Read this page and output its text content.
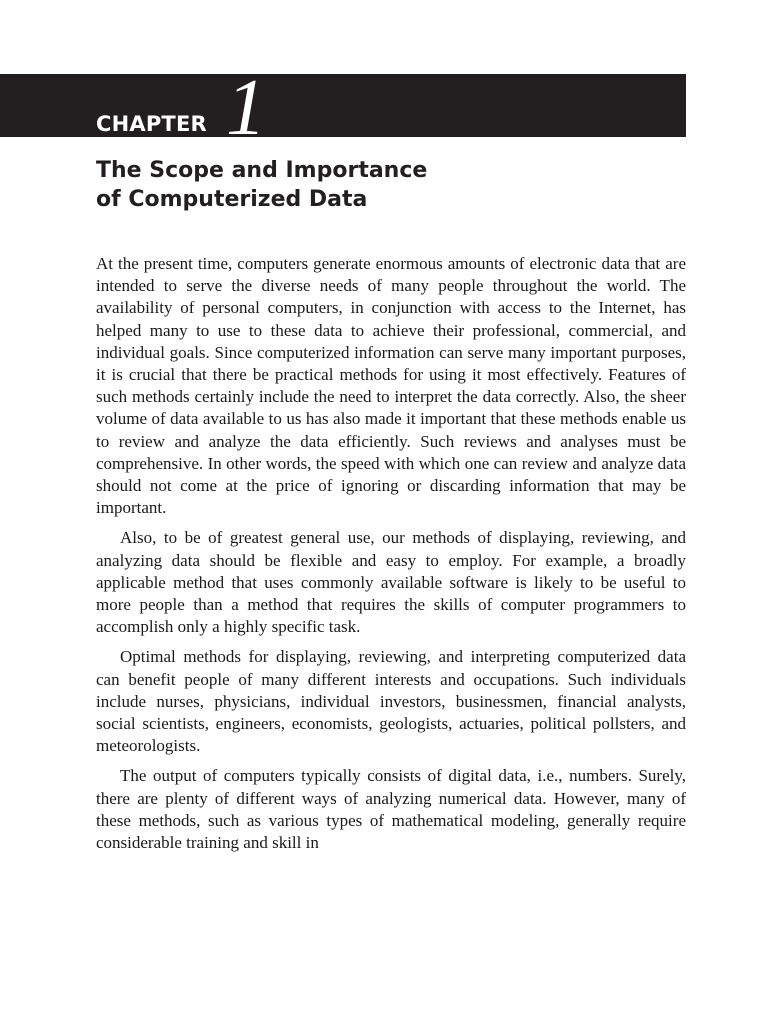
CHAPTER 1
The Scope and Importance
of Computerized Data

At the present time, computers generate enormous amounts of electronic data that are intended to serve the diverse needs of many people throughout the world. The availability of personal computers, in conjunction with access to the Internet, has helped many to use to these data to achieve their professional, commercial, and individual goals. Since computerized information can serve many important purposes, it is crucial that there be practical methods for using it most effectively. Features of such methods certainly include the need to interpret the data correctly. Also, the sheer volume of data available to us has also made it important that these methods enable us to review and analyze the data efficiently. Such reviews and analyses must be comprehensive. In other words, the speed with which one can review and analyze data should not come at the price of ignoring or discarding information that may be important.

Also, to be of greatest general use, our methods of displaying, reviewing, and analyzing data should be flexible and easy to employ. For example, a broadly applicable method that uses commonly available software is likely to be useful to more people than a method that requires the skills of computer programmers to accomplish only a highly specific task.

Optimal methods for displaying, reviewing, and interpreting computerized data can benefit people of many different interests and occupations. Such individuals include nurses, physicians, individual investors, businessmen, financial analysts, social scientists, engineers, economists, geologists, actuaries, political pollsters, and meteorologists.

The output of computers typically consists of digital data, i.e., numbers. Surely, there are plenty of different ways of analyzing numerical data. However, many of these methods, such as various types of mathematical modeling, generally require considerable training and skill in
